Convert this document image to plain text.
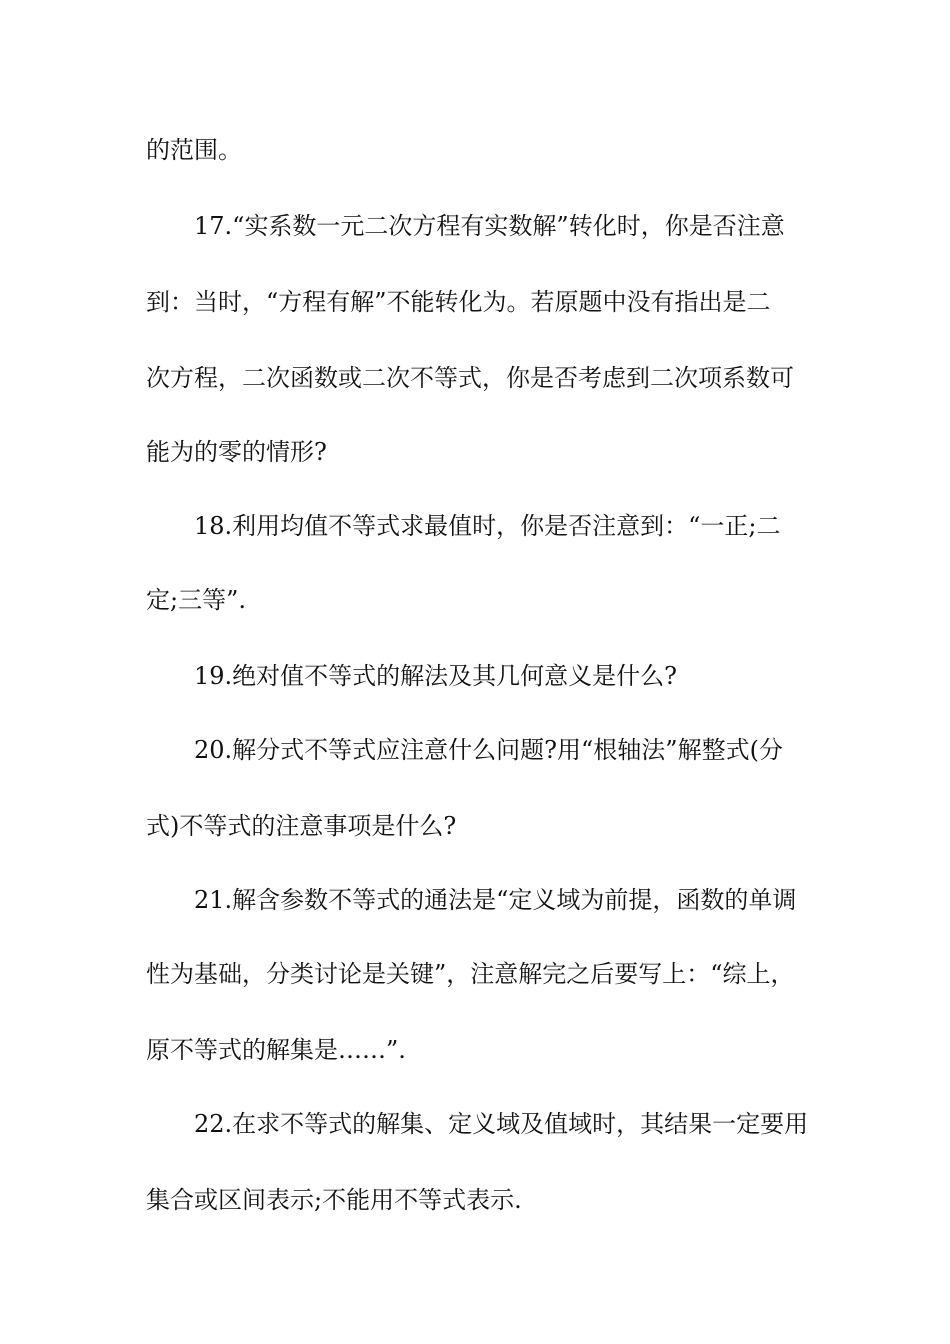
的范围。
17.“实系数一元二次方程有实数解”转化时，你是否注意
到：当时，“方程有解”不能转化为。若原题中没有指出是二
次方程，二次函数或二次不等式，你是否考虑到二次项系数可
能为的零的情形?
18.利用均值不等式求最值时，你是否注意到：“一正;二
定;三等”.
19.绝对值不等式的解法及其几何意义是什么?
20.解分式不等式应注意什么问题?用“根轴法”解整式(分
式)不等式的注意事项是什么?
21.解含参数不等式的通法是“定义域为前提，函数的单调
性为基础，分类讨论是关键”，注意解完之后要写上：“综上，
原不等式的解集是……”.
22.在求不等式的解集、定义域及值域时，其结果一定要用
集合或区间表示;不能用不等式表示.
